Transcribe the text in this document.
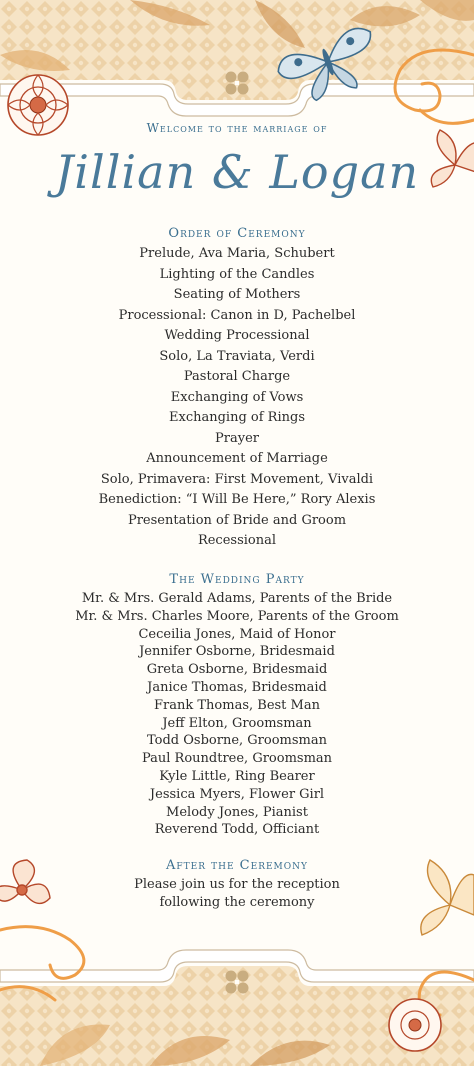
Welcome to the marriage of
Jillian & Logan

Order of Ceremony

Prelude, Ava Maria, Schubert

Lighting of the Candles

Seating of Mothers

Processional: Canon in D, Pachelbel

Wedding Processional

Solo, La Traviata, Verdi

Pastoral Charge

Exchanging of Vows

Exchanging of Rings

Prayer

Announcement of Marriage

Solo, Primavera: First Movement, Vivaldi

Benediction: “I Will Be Here,” Rory Alexis

Presentation of Bride and Groom

Recessional

The Wedding Party

Mr. & Mrs. Gerald Adams, Parents of the Bride

Mr. & Mrs. Charles Moore, Parents of the Groom

Ceceilia Jones, Maid of Honor

Jennifer Osborne, Bridesmaid

Greta Osborne, Bridesmaid

Janice Thomas, Bridesmaid

Frank Thomas, Best Man

Jeff Elton, Groomsman

Todd Osborne, Groomsman

Paul Roundtree, Groomsman

Kyle Little, Ring Bearer

Jessica Myers, Flower Girl

Melody Jones, Pianist

Reverend Todd, Officiant

After the Ceremony

Please join us for the reception

following the ceremony
